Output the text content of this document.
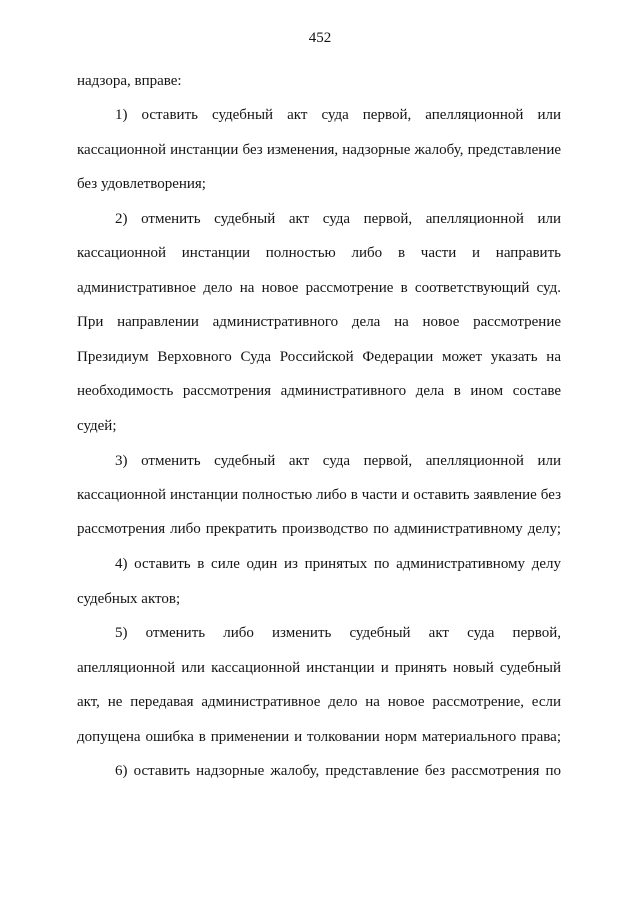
452
надзора, вправе:
1) оставить судебный акт суда первой, апелляционной или
кассационной инстанции без изменения, надзорные жалобу, представление
без удовлетворения;
2) отменить судебный акт суда первой, апелляционной или
кассационной инстанции полностью либо в части и направить
административное дело на новое рассмотрение в соответствующий суд.
При направлении административного дела на новое рассмотрение
Президиум Верховного Суда Российской Федерации может указать на
необходимость рассмотрения административного дела в ином составе
судей;
3) отменить судебный акт суда первой, апелляционной или
кассационной инстанции полностью либо в части и оставить заявление без
рассмотрения либо прекратить производство по административному делу;
4) оставить в силе один из принятых по административному делу
судебных актов;
5) отменить либо изменить судебный акт суда первой,
апелляционной или кассационной инстанции и принять новый судебный
акт, не передавая административное дело на новое рассмотрение, если
допущена ошибка в применении и толковании норм материального права;
6) оставить надзорные жалобу, представление без рассмотрения по
